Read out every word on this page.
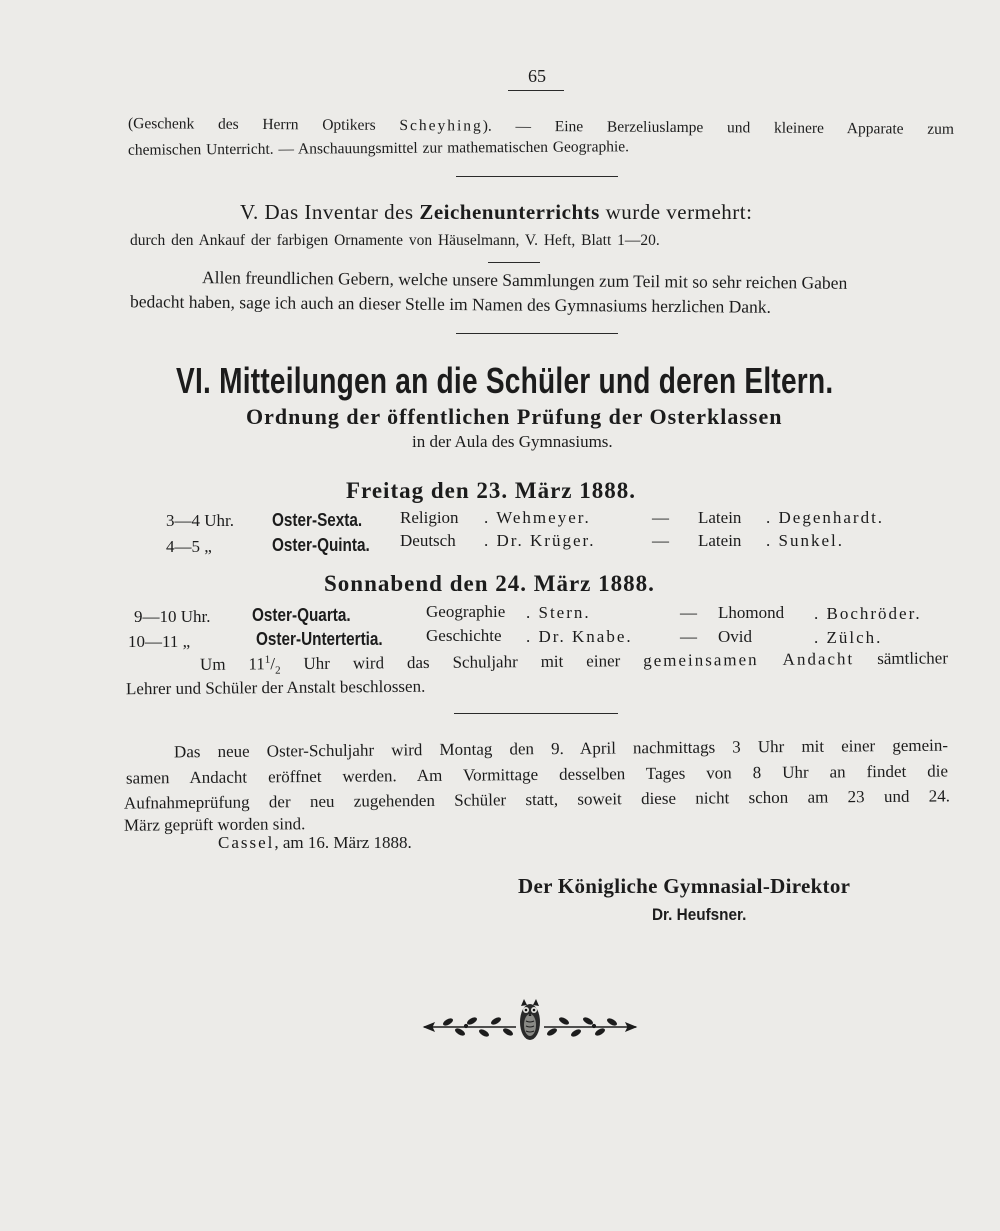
65

(Geschenk des Herrn Optikers Scheyhing). — Eine Berzeliuslampe und kleinere Apparate zum

chemischen Unterricht. — Anschauungsmittel zur mathematischen Geographie.
V. Das Inventar des Zeichenunterrichts wurde vermehrt:
durch den Ankauf der farbigen Ornamente von Häuselmann, V. Heft, Blatt 1—20.
Allen freundlichen Gebern, welche unsere Sammlungen zum Teil mit so sehr reichen Gaben
bedacht haben, sage ich auch an dieser Stelle im Namen des Gymnasiums herzlichen Dank.
VI. Mitteilungen an die Schüler und deren Eltern.
Ordnung der öffentlichen Prüfung der Osterklassen
in der Aula des Gymnasiums.
Freitag den 23. März 1888.
3—4 Uhr. Oster-Sexta.	Religion . Wehmeyer.	— Latein . Degenhardt.
4—5 „	Oster-Quinta.	Deutsch . Dr. Krüger.	— Latein . Sunkel.
Sonnabend den 24. März 1888.
9—10 Uhr. Oster-Quarta.	Geographie . Stern.	— Lhomond . Bochröder.
10—11 „	Oster-Untertertia.	Geschichte . Dr. Knabe.	— Ovid	. Zülch.

Um $11^1/_2$ Uhr wird das Schuljahr mit einer gemeinsamen Andacht sämtlicher

Lehrer und Schüler der Anstalt beschlossen.

Das neue Oster-Schuljahr wird Montag den 9. April nachmittags 3 Uhr mit einer gemein-

samen Andacht eröffnet werden. Am Vormittage desselben Tages von 8 Uhr an findet die

Aufnahmeprüfung der neu zugehenden Schüler statt, soweit diese nicht schon am 23 und 24.

März geprüft worden sind.
Cassel, am 16. März 1888.
Der Königliche Gymnasial-Direktor
Dr. Heufsner.
